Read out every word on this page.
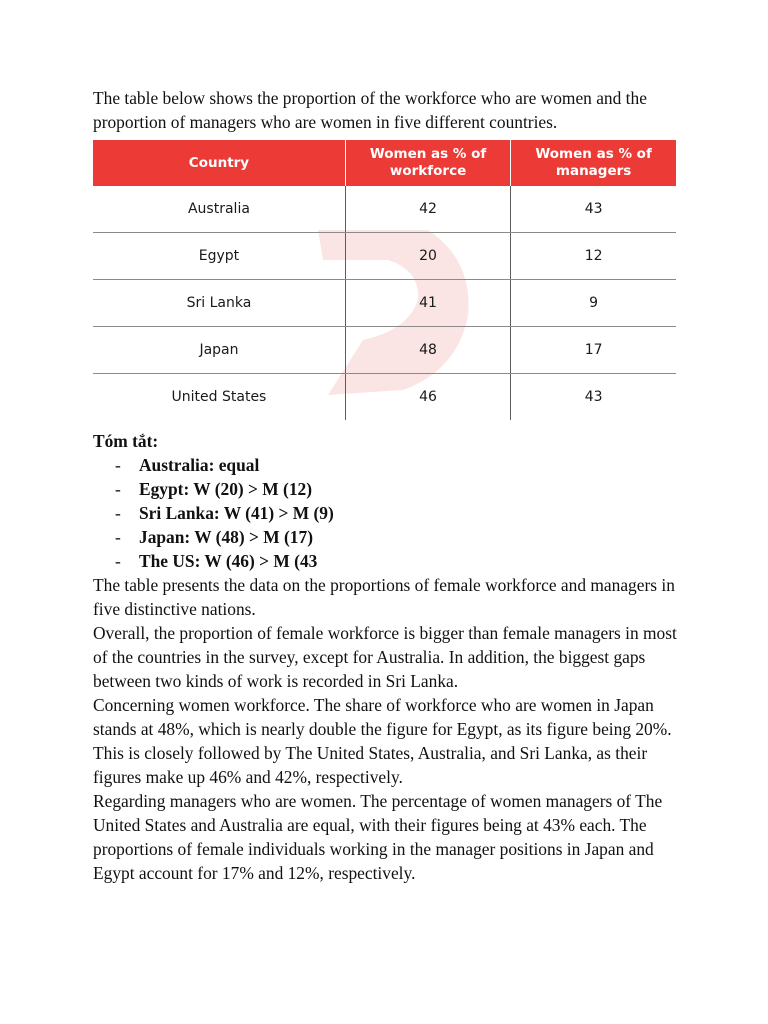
The table below shows the proportion of the workforce who are women and the proportion of managers who are women in five different countries.

Country	Women as % of workforce	Women as % of managers
Australia	42	43
Egypt	20	12
Sri Lanka	41	9
Japan	48	17
United States	46	43

Tóm tắt:

- Australia: equal
- Egypt: W (20) > M (12)
- Sri Lanka: W (41) > M (9)
- Japan: W (48) > M (17)
- The US: W (46) > M (43

The table presents the data on the proportions of female workforce and managers in five distinctive nations.

Overall, the proportion of female workforce is bigger than female managers in most of the countries in the survey, except for Australia. In addition, the biggest gaps between two kinds of work is recorded in Sri Lanka.

Concerning women workforce. The share of workforce who are women in Japan stands at 48%, which is nearly double the figure for Egypt, as its figure being 20%. This is closely followed by The United States, Australia, and Sri Lanka, as their figures make up 46% and 42%, respectively.

Regarding managers who are women. The percentage of women managers of The United States and Australia are equal, with their figures being at 43% each. The proportions of female individuals working in the manager positions in Japan and Egypt account for 17% and 12%, respectively.
